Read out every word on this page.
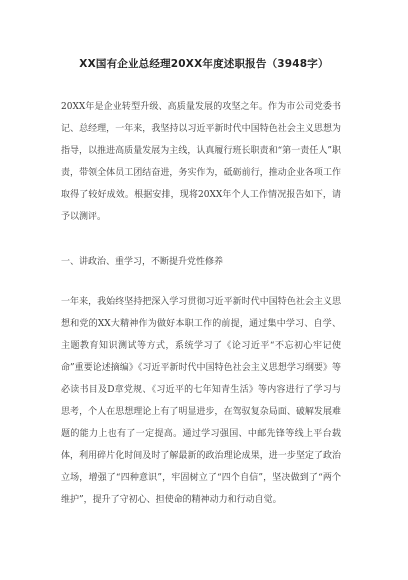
XX国有企业总经理20XX年度述职报告（3948字）

20XX年是企业转型升级、高质量发展的攻坚之年。作为市公司党委书记、总经理，一年来，我坚持以习近平新时代中国特色社会主义思想为指导，以推进高质量发展为主线，认真履行班长职责和“第一责任人”职责，带领全体员工团结奋进，务实作为，砥砺前行，推动企业各项工作取得了较好成效。根据安排，现将20XX年个人工作情况报告如下，请予以测评。

一、讲政治、重学习，不断提升党性修养

一年来，我始终坚持把深入学习贯彻习近平新时代中国特色社会主义思想和党的XX大精神作为做好本职工作的前提，通过集中学习、自学、主题教育知识测试等方式，系统学习了《论习近平“不忘初心牢记使命”重要论述摘编》《习近平新时代中国特色社会主义思想学习纲要》等必读书目及D章党规、《习近平的七年知青生活》等内容进行了学习与思考，个人在思想理论上有了明显进步，在驾驭复杂局面、破解发展难题的能力上也有了一定提高。通过学习强国、中邮先锋等线上平台载体，利用碎片化时间及时了解最新的政治理论成果，进一步坚定了政治立场，增强了“四种意识”，牢固树立了“四个自信”，坚决做到了“两个维护”，提升了守初心、担使命的精神动力和行动自觉。
